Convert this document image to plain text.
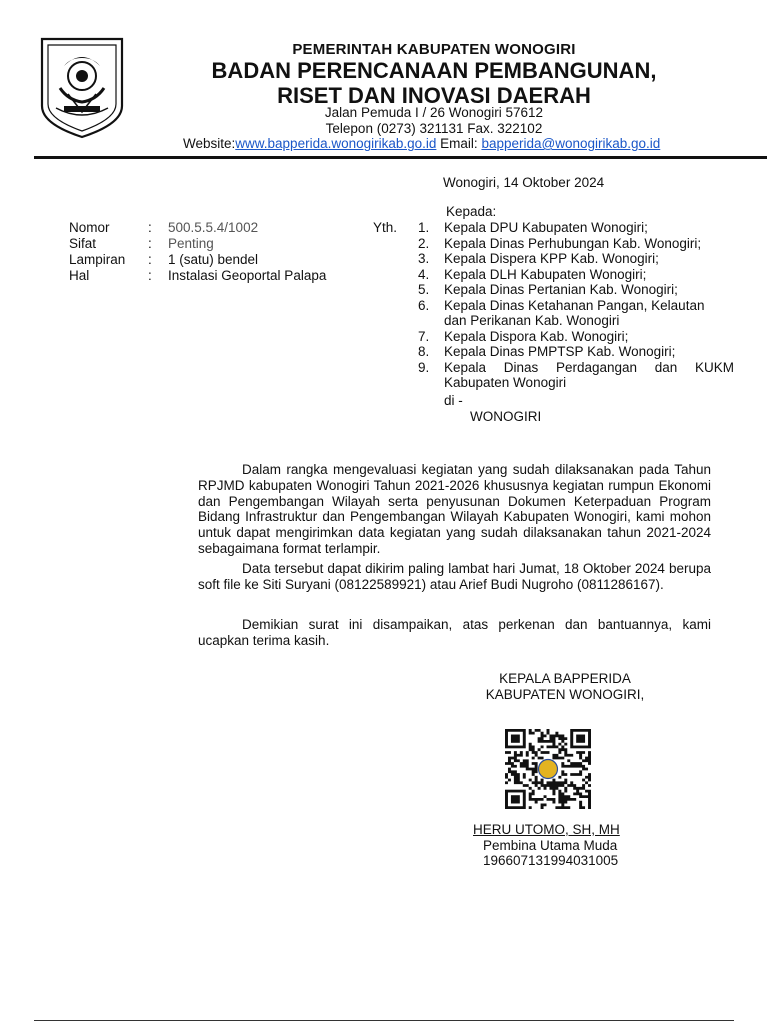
PEMERINTAH KABUPATEN WONOGIRI
BADAN PERENCANAAN PEMBANGUNAN,
RISET DAN INOVASI DAERAH
Jalan Pemuda I / 26 Wonogiri 57612
Telepon (0273) 321131 Fax. 322102
Website:www.bapperida.wonogirikab.go.id Email: bapperida@wonogirikab.go.id
Wonogiri, 14 Oktober 2024
Nomor	:	500.5.5.4/1002
Sifat	:	Penting
Lampiran	:	1 (satu) bendel
Hal	:	Instalasi Geoportal Palapa
Yth.
Kepada:
1.	Kepala DPU Kabupaten Wonogiri;
2.	Kepala Dinas Perhubungan Kab. Wonogiri;
3.	Kepala Dispera KPP Kab. Wonogiri;
4.	Kepala DLH Kabupaten Wonogiri;
5.	Kepala Dinas Pertanian Kab. Wonogiri;
6.	Kepala Dinas Ketahanan Pangan, Kelautan
dan Perikanan Kab. Wonogiri
7.	Kepala Dispora Kab. Wonogiri;
8.	Kepala Dinas PMPTSP Kab. Wonogiri;
9.	Kepala Dinas Perdagangan dan KUKM
Kabupaten Wonogiri
di -
WONOGIRI

Dalam rangka mengevaluasi kegiatan yang sudah dilaksanakan pada Tahun RPJMD kabupaten Wonogiri Tahun 2021-2026 khususnya kegiatan rumpun Ekonomi dan Pengembangan Wilayah serta penyusunan Dokumen Keterpaduan Program Bidang Infrastruktur dan Pengembangan Wilayah Kabupaten Wonogiri, kami mohon untuk dapat mengirimkan data kegiatan yang sudah dilaksanakan tahun 2021-2024 sebagaimana format terlampir.

Data tersebut dapat dikirim paling lambat hari Jumat, 18 Oktober 2024 berupa soft file ke Siti Suryani (08122589921) atau Arief Budi Nugroho (0811286167).

Demikian surat ini disampaikan, atas perkenan dan bantuannya, kami ucapkan terima kasih.

KEPALA BAPPERIDA
KABUPATEN WONOGIRI,
HERU UTOMO, SH, MH
Pembina Utama Muda
196607131994031005
